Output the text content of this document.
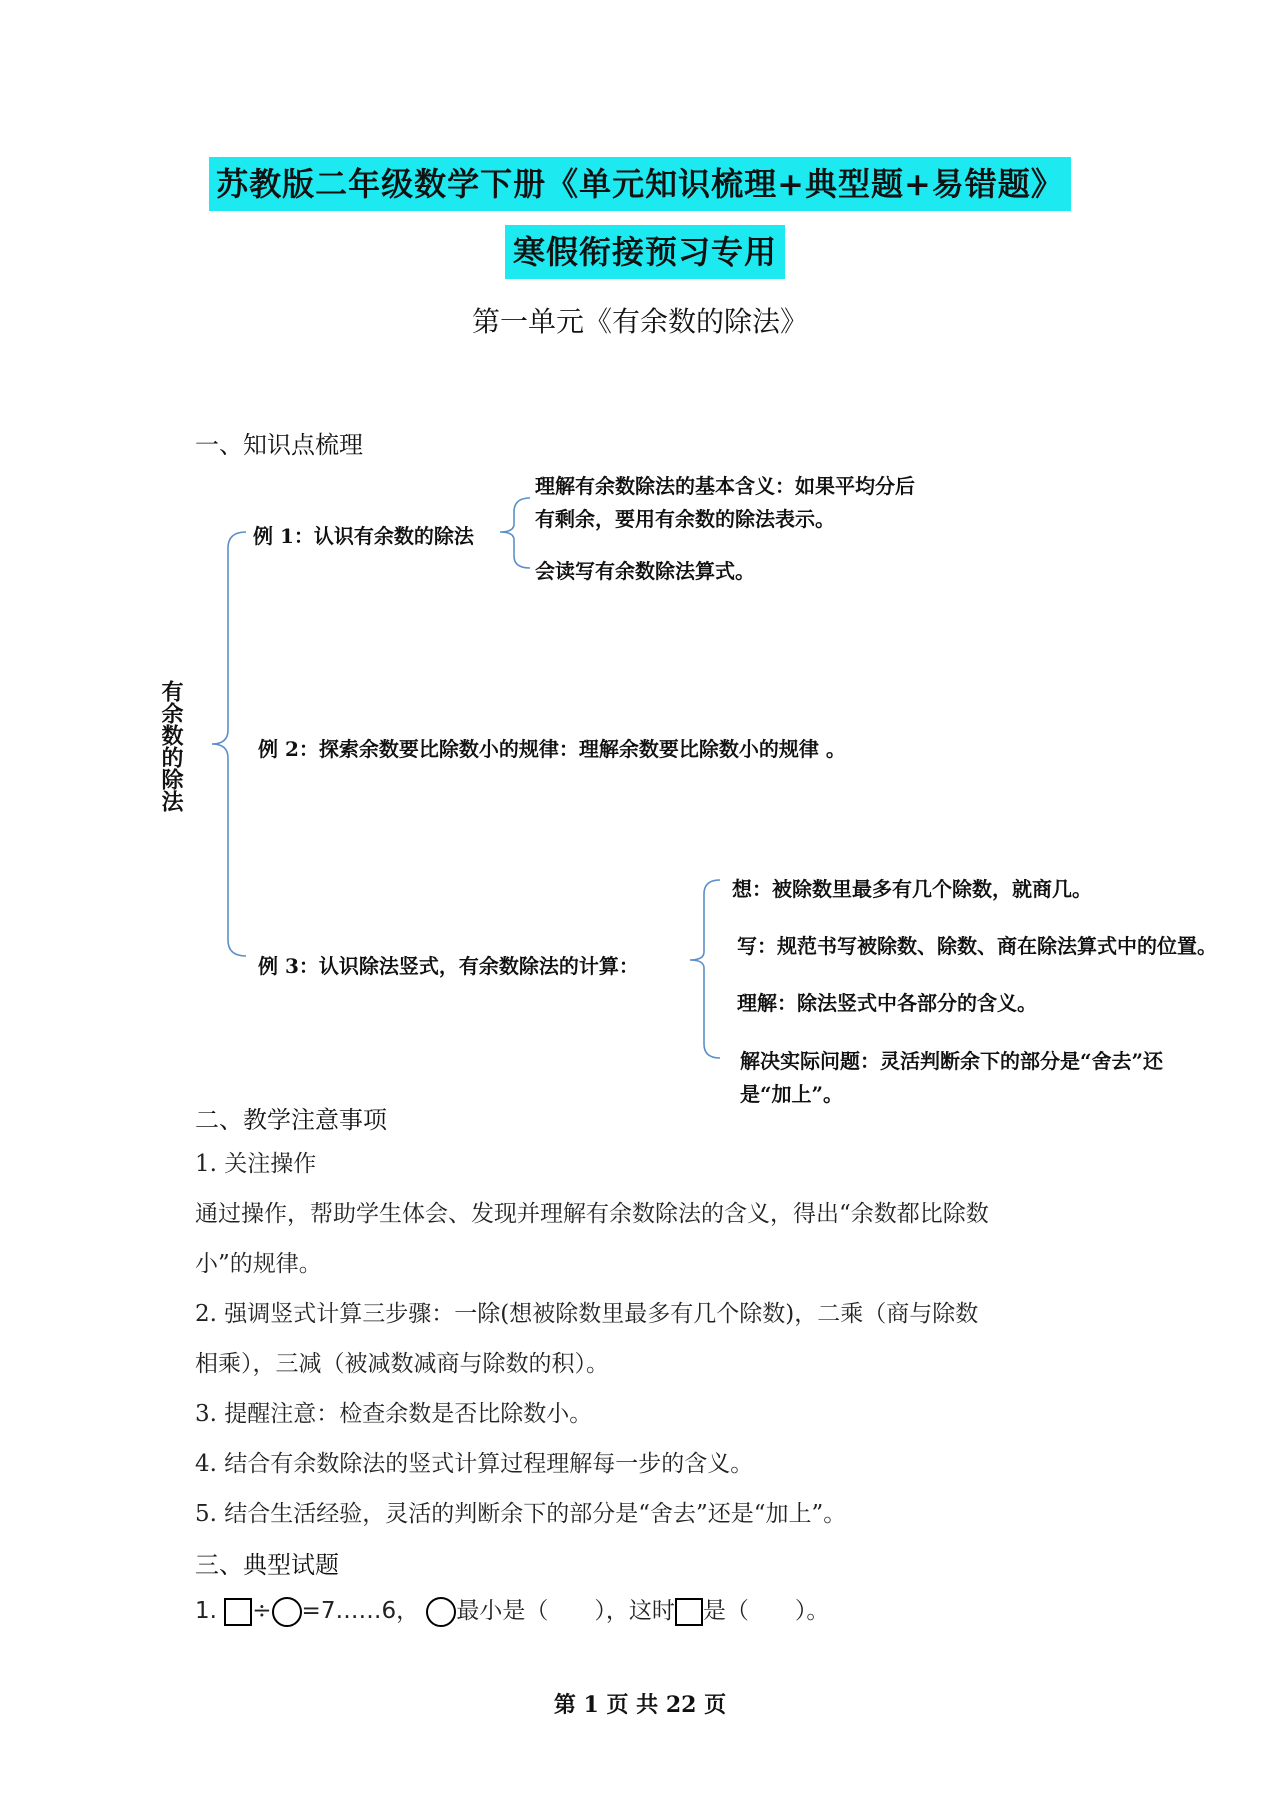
苏教版二年级数学下册《单元知识梳理+典型题+易错题》
寒假衔接预习专用
第一单元《有余数的除法》
一、知识点梳理
有余数的除法
例 1：认识有余数的除法
理解有余数除法的基本含义：如果平均分后
有剩余，要用有余数的除法表示。
会读写有余数除法算式。
例 2：探索余数要比除数小的规律：理解余数要比除数小的规律 。
例 3：认识除法竖式，有余数除法的计算：
想：被除数里最多有几个除数，就商几。
写：规范书写被除数、除数、商在除法算式中的位置。
理解：除法竖式中各部分的含义。
解决实际问题：灵活判断余下的部分是“舍去”还
是“加上”。
二、教学注意事项
1. 关注操作
通过操作，帮助学生体会、发现并理解有余数除法的含义，得出“余数都比除数
小”的规律。
2. 强调竖式计算三步骤：一除(想被除数里最多有几个除数)，二乘（商与除数
相乘），三减（被减数减商与除数的积）。
3. 提醒注意：检查余数是否比除数小。
4. 结合有余数除法的竖式计算过程理解每一步的含义。
5. 结合生活经验，灵活的判断余下的部分是“舍去”还是“加上”。
三、典型试题
1. ÷ =7……6， 最小是（　　），这时 是（　　）。
第 1 页 共 22 页
